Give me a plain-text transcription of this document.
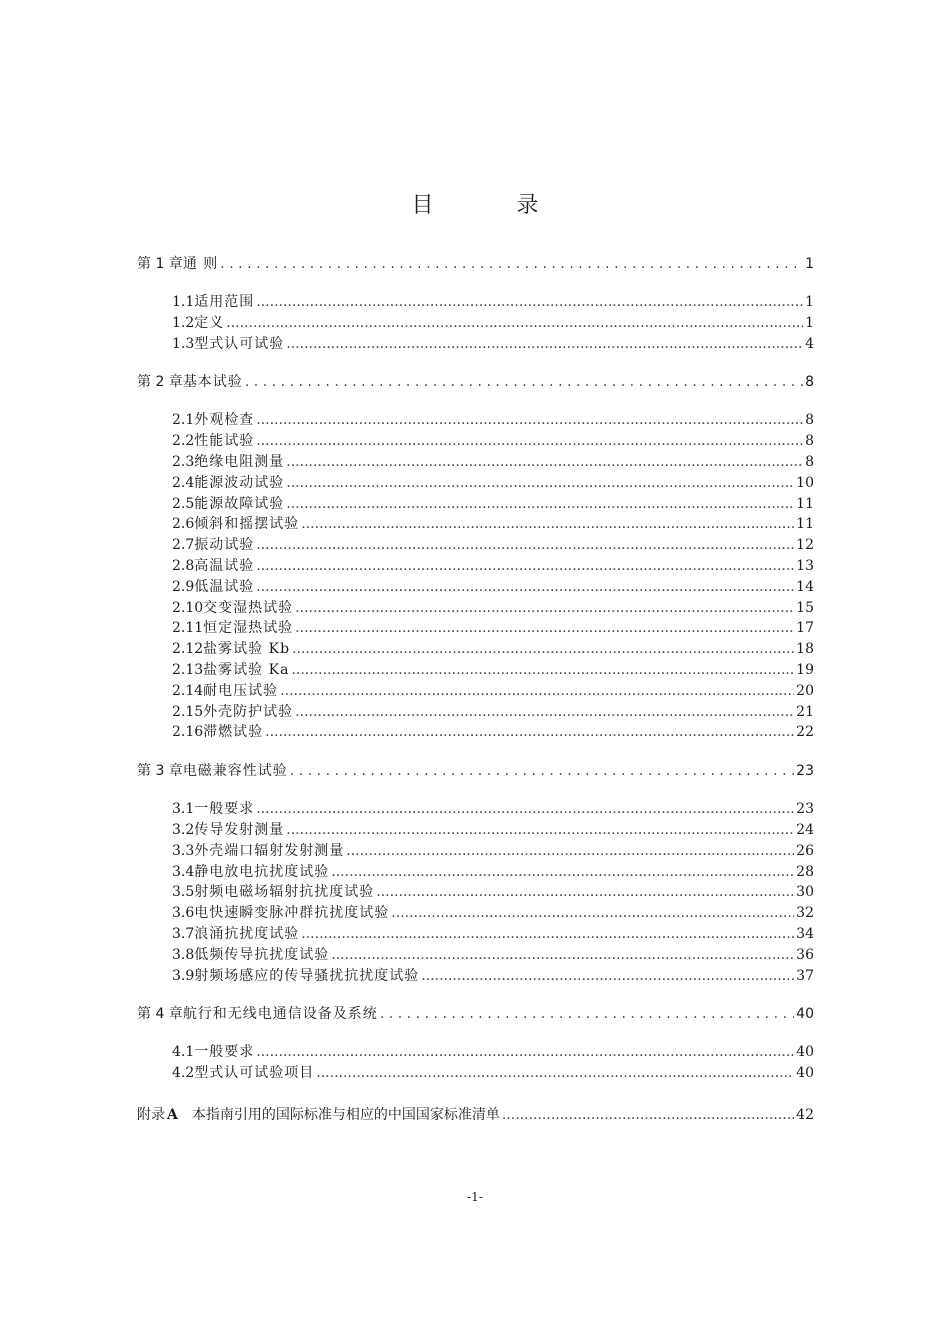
目 录
第 1 章 通 则 .....	1
1.1 适用范围 .....	1
1.2 定义 .....	1
1.3 型式认可试验 .....	4
第 2 章 基本试验 .....	8
2.1 外观检查 .....	8
2.2 性能试验 .....	8
2.3 绝缘电阻测量 .....	8
2.4 能源波动试验 .....	10
2.5 能源故障试验 .....	11
2.6 倾斜和摇摆试验 .....	11
2.7 振动试验 .....	12
2.8 高温试验 .....	13
2.9 低温试验 .....	14
2.10 交变湿热试验 .....	15
2.11 恒定湿热试验 .....	17
2.12 盐雾试验 Kb .....	18
2.13 盐雾试验 Ka .....	19
2.14 耐电压试验 .....	20
2.15 外壳防护试验 .....	21
2.16 滞燃试验 .....	22
第 3 章 电磁兼容性试验 .....	23
3.1 一般要求 .....	23
3.2 传导发射测量 .....	24
3.3 外壳端口辐射发射测量 .....	26
3.4 静电放电抗扰度试验 .....	28
3.5 射频电磁场辐射抗扰度试验 .....	30
3.6 电快速瞬变脉冲群抗扰度试验 .....	32
3.7 浪涌抗扰度试验 .....	34
3.8 低频传导抗扰度试验 .....	36
3.9 射频场感应的传导骚扰抗扰度试验 .....	37
第 4 章 航行和无线电通信设备及系统 .....	40
4.1 一般要求 .....	40
4.2 型式认可试验项目 .....	40
附录 A 本指南引用的国际标准与相应的中国国家标准清单 .....	42
-1-
